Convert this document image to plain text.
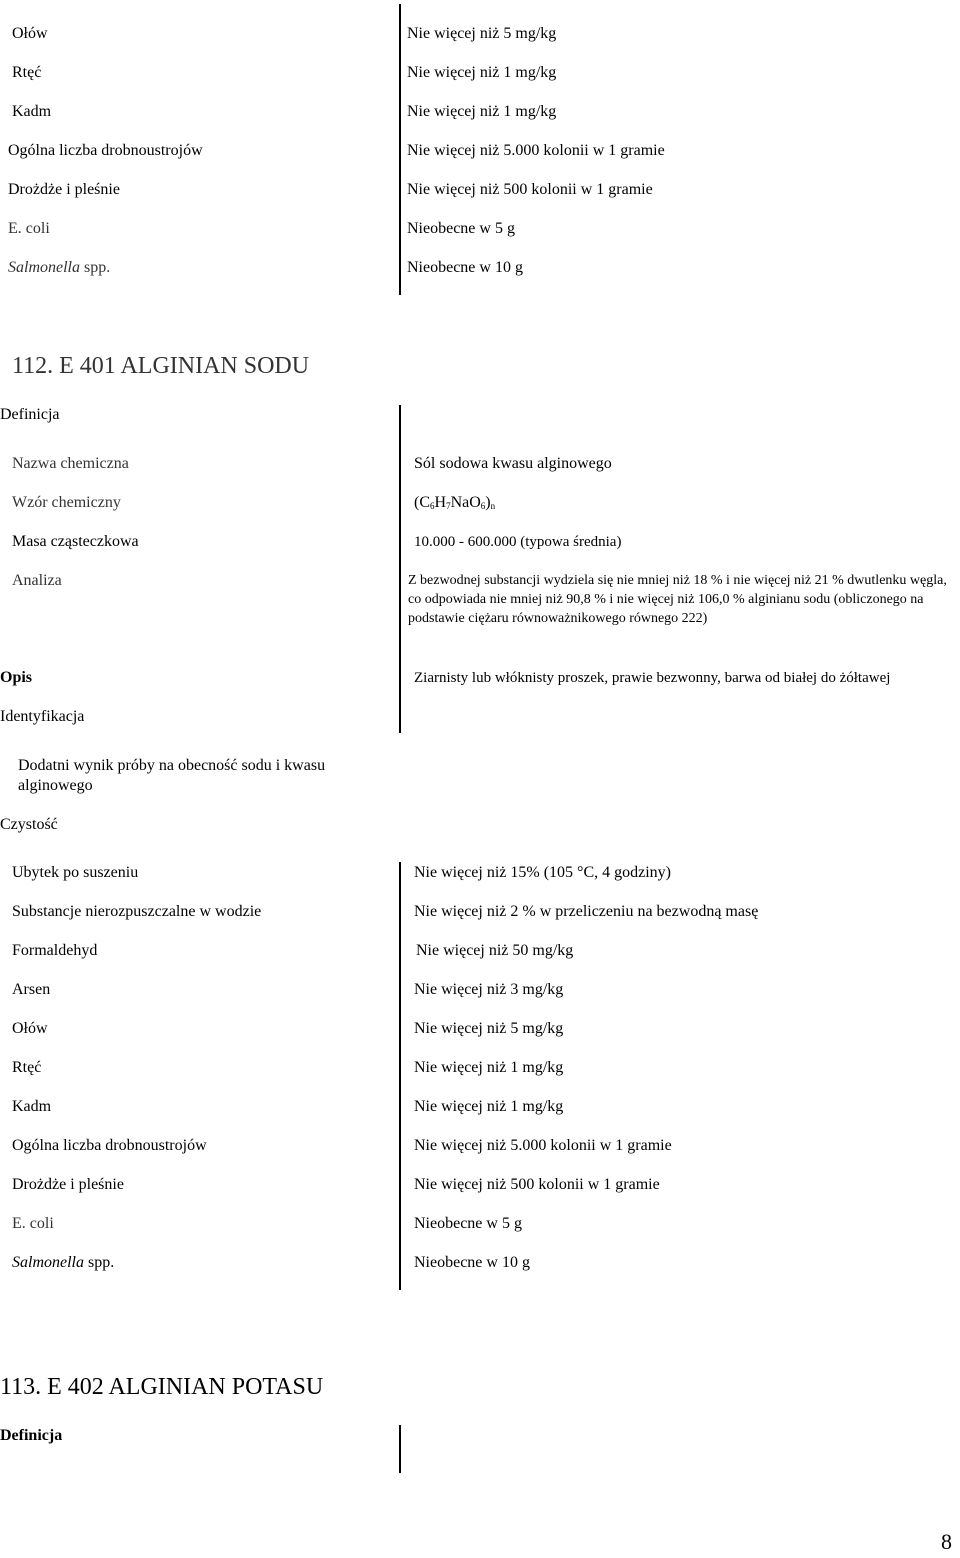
Ołów	Nie więcej niż 5 mg/kg
Rtęć	Nie więcej niż 1 mg/kg
Kadm	Nie więcej niż 1 mg/kg
Ogólna liczba drobnoustrojów	Nie więcej niż 5.000 kolonii w 1 gramie
Drożdże i pleśnie	Nie więcej niż 500 kolonii w 1 gramie
E. coli	Nieobecne w 5 g
Salmonella spp.	Nieobecne w 10 g
112. E 401 ALGINIAN SODU
Definicja
Nazwa chemiczna	Sól sodowa kwasu alginowego
Wzór chemiczny	$(C_6H_7NaO_6)_n$
Masa cząsteczkowa	10.000 - 600.000 (typowa średnia)
Analiza	Z bezwodnej substancji wydziela się nie mniej niż 18 % i nie więcej niż 21 % dwutlenku węgla, co odpowiada nie mniej niż 90,8 % i nie więcej niż 106,0 % alginianu sodu (obliczonego na podstawie ciężaru równoważnikowego równego 222)
Opis	Ziarnisty lub włóknisty proszek, prawie bezwonny, barwa od białej do żółtawej
Identyfikacja
Dodatni wynik próby na obecność sodu i kwasu alginowego
Czystość
Ubytek po suszeniu	Nie więcej niż 15% (105 °C, 4 godziny)
Substancje nierozpuszczalne w wodzie	Nie więcej niż 2 % w przeliczeniu na bezwodną masę
Formaldehyd	Nie więcej niż 50 mg/kg
Arsen	Nie więcej niż 3 mg/kg
Ołów	Nie więcej niż 5 mg/kg
Rtęć	Nie więcej niż 1 mg/kg
Kadm	Nie więcej niż 1 mg/kg
Ogólna liczba drobnoustrojów	Nie więcej niż 5.000 kolonii w 1 gramie
Drożdże i pleśnie	Nie więcej niż 500 kolonii w 1 gramie
E. coli	Nieobecne w 5 g
Salmonella spp.	Nieobecne w 10 g
113. E 402 ALGINIAN POTASU
Definicja
8
